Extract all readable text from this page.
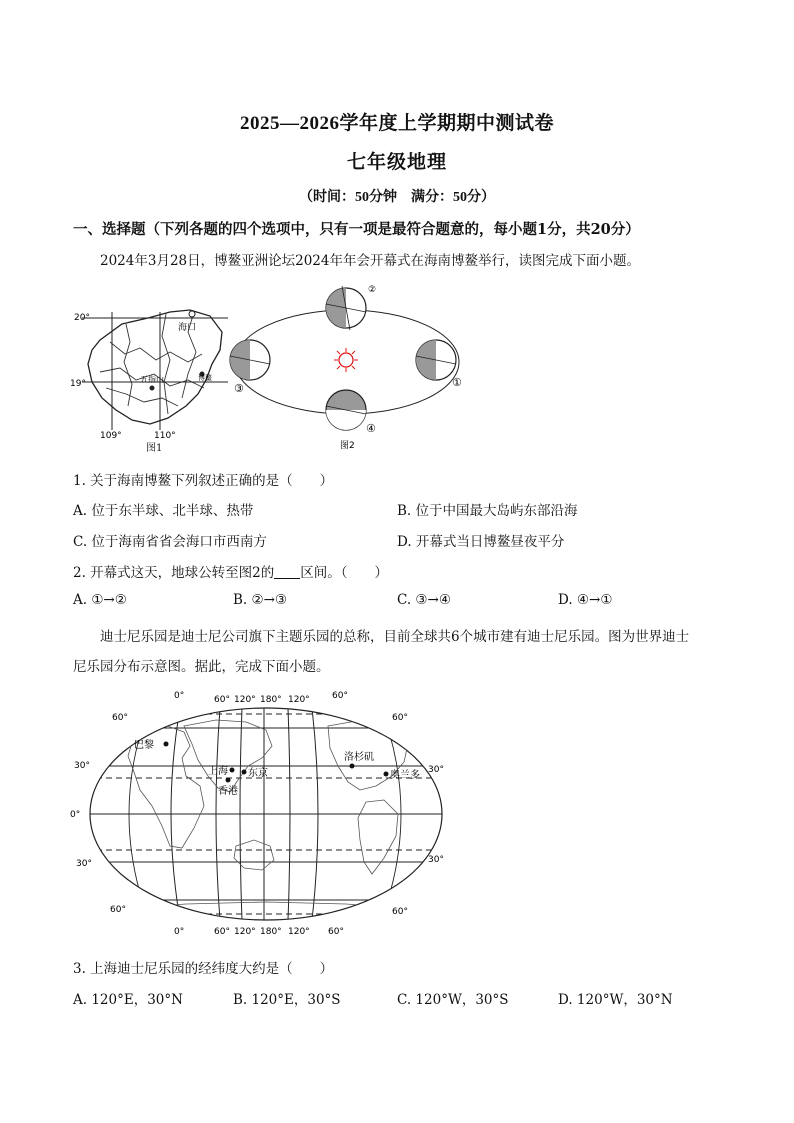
2025—2026学年度上学期期中测试卷
七年级地理
（时间：50分钟　满分：50分）
一、选择题（下列各题的四个选项中，只有一项是最符合题意的，每小题1分，共20分）
2024年3月28日，博鳌亚洲论坛2024年年会开幕式在海南博鳌举行，读图完成下面小题。
20°
19°
109°	110°
海口
五指山	博鳌
图1
②
①
③
④
图2
1. 关于海南博鳌下列叙述正确的是（　　）
A. 位于东半球、北半球、热带	B. 位于中国最大岛屿东部沿海
C. 位于海南省省会海口市西南方	D. 开幕式当日博鳌昼夜平分
2. 开幕式这天，地球公转至图2的 区间。（　　）
A. ①→②	B. ②→③	C. ③→④	D. ④→①
迪士尼乐园是迪士尼公司旗下主题乐园的总称，目前全球共6个城市建有迪士尼乐园。图为世界迪士
尼乐园分布示意图。据此，完成下面小题。
巴黎
上海 东京
香港
洛杉矶
奥兰多
0°	60° 120° 180° 120° 60°
0°	60° 120° 180° 120° 60°
60°
30°
0°
30°
60°
60°
30°
30°
60°
3. 上海迪士尼乐园的经纬度大约是（　　）
A. 120°E，30°N	B. 120°E，30°S	C. 120°W，30°S	D. 120°W，30°N
